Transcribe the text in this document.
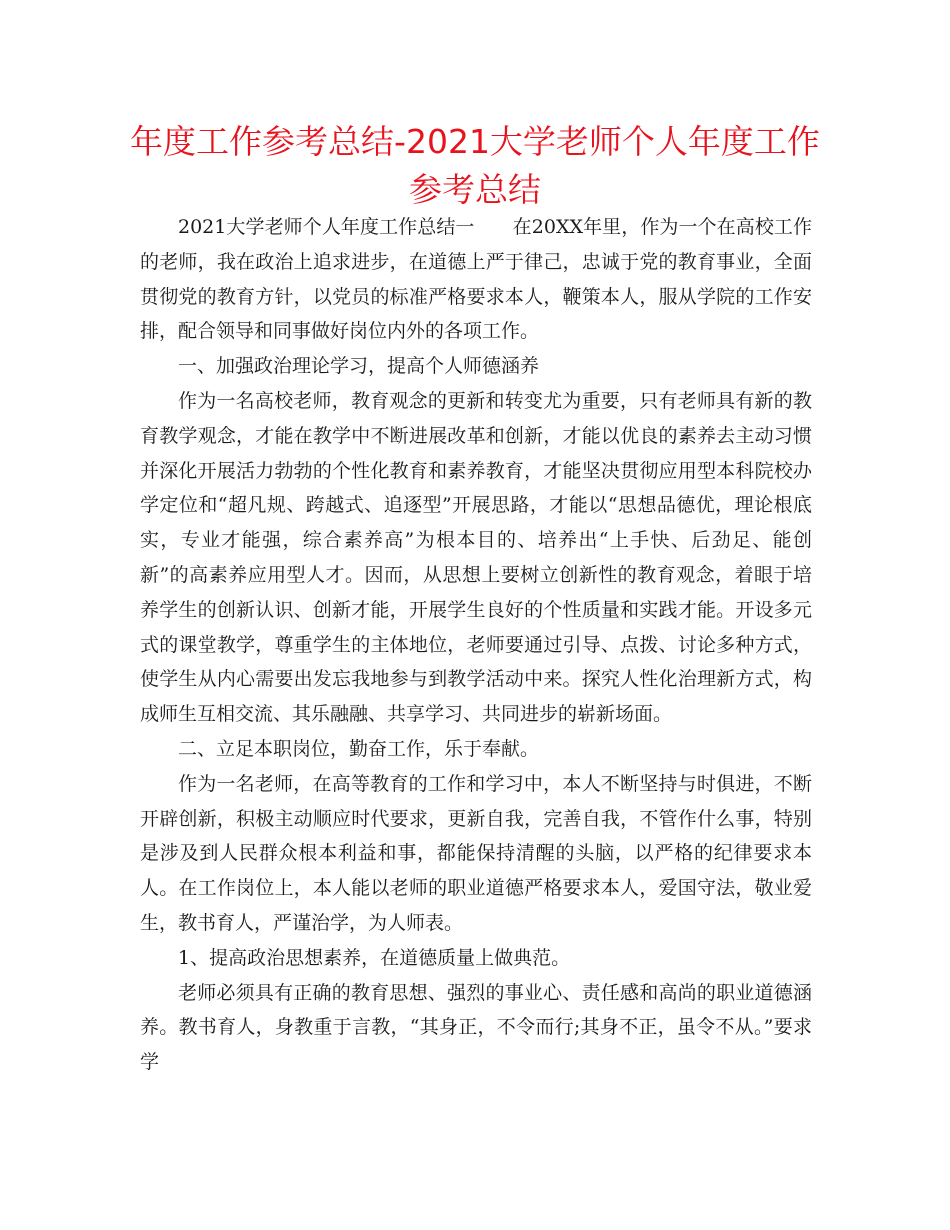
年度工作参考总结-2021大学老师个人年度工作
参考总结

2021大学老师个人年度工作总结一　　在20XX年里，作为一个在高校工作的老师，我在政治上追求进步，在道德上严于律己，忠诚于党的教育事业，全面贯彻党的教育方针，以党员的标准严格要求本人，鞭策本人，服从学院的工作安排，配合领导和同事做好岗位内外的各项工作。

一、加强政治理论学习，提高个人师德涵养

作为一名高校老师，教育观念的更新和转变尤为重要，只有老师具有新的教育教学观念，才能在教学中不断进展改革和创新，才能以优良的素养去主动习惯并深化开展活力勃勃的个性化教育和素养教育，才能坚决贯彻应用型本科院校办学定位和“超凡规、跨越式、追逐型”开展思路，才能以“思想品德优，理论根底实，专业才能强，综合素养高”为根本目的、培养出“上手快、后劲足、能创新”的高素养应用型人才。因而，从思想上要树立创新性的教育观念，着眼于培养学生的创新认识、创新才能，开展学生良好的个性质量和实践才能。开设多元式的课堂教学，尊重学生的主体地位，老师要通过引导、点拨、讨论多种方式，使学生从内心需要出发忘我地参与到教学活动中来。探究人性化治理新方式，构成师生互相交流、其乐融融、共享学习、共同进步的崭新场面。

二、立足本职岗位，勤奋工作，乐于奉献。

作为一名老师，在高等教育的工作和学习中，本人不断坚持与时俱进，不断开辟创新，积极主动顺应时代要求，更新自我，完善自我，不管作什么事，特别是涉及到人民群众根本利益和事，都能保持清醒的头脑，以严格的纪律要求本人。在工作岗位上，本人能以老师的职业道德严格要求本人，爱国守法，敬业爱生，教书育人，严谨治学，为人师表。

1、提高政治思想素养，在道德质量上做典范。

老师必须具有正确的教育思想、强烈的事业心、责任感和高尚的职业道德涵养。教书育人，身教重于言教，“其身正，不令而行;其身不正，虽令不从。”要求学
